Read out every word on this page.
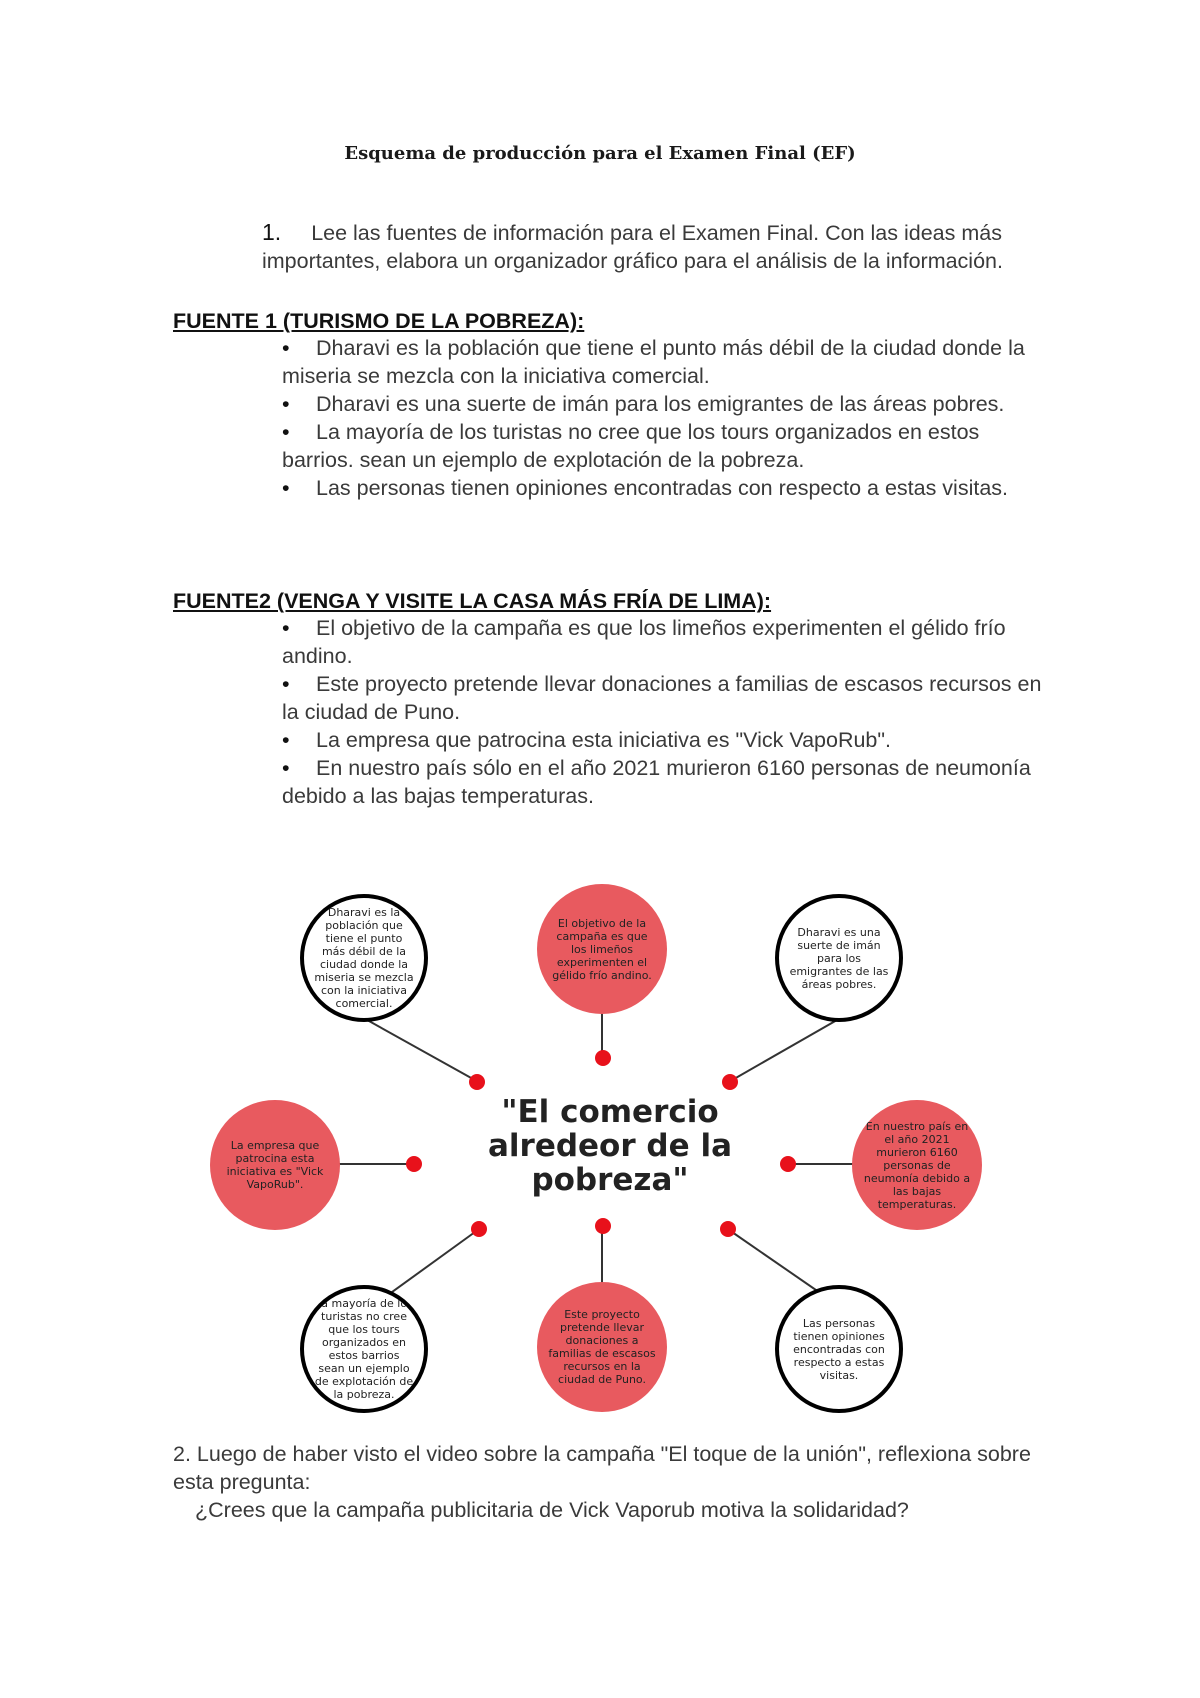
Esquema de producción para el Examen Final (EF)
1. Lee las fuentes de información para el Examen Final. Con las ideas más importantes, elabora un organizador gráfico para el análisis de la información.
FUENTE 1 (TURISMO DE LA POBREZA):
•	Dharavi es la población que tiene el punto más débil de la ciudad donde la miseria se mezcla con la iniciativa comercial.
•	Dharavi es una suerte de imán para los emigrantes de las áreas pobres.
•	La mayoría de los turistas no cree que los tours organizados en estos barrios. sean un ejemplo de explotación de la pobreza.
•	Las personas tienen opiniones encontradas con respecto a estas visitas.
FUENTE2 (VENGA Y VISITE LA CASA MÁS FRÍA DE LIMA):
•	El objetivo de la campaña es que los limeños experimenten el gélido frío andino.
•	Este proyecto pretende llevar donaciones a familias de escasos recursos en la ciudad de Puno.
•	La empresa que patrocina esta iniciativa es "Vick VapoRub".
•	En nuestro país sólo en el año 2021 murieron 6160 personas de neumonía debido a las bajas temperaturas.
El objetivo de la campaña es que los limeños experimenten el gélido frío andino.
Dharavi es la población que tiene el punto más débil de la ciudad donde la miseria se mezcla con la iniciativa comercial.
Dharavi es una suerte de imán para los emigrantes de las áreas pobres.
La empresa que patrocina esta iniciativa es "Vick VapoRub".
En nuestro país en el año 2021 murieron 6160 personas de neumonía debido a las bajas temperaturas.
La mayoría de los turistas no cree que los tours organizados en estos barrios sean un ejemplo de explotación de la pobreza.
Este proyecto pretende llevar donaciones a familias de escasos recursos en la ciudad de Puno.
Las personas tienen opiniones encontradas con respecto a estas visitas.
"El comercio alredeor de la pobreza"

2. Luego de haber visto el video sobre la campaña "El toque de la unión", reflexiona sobre esta pregunta:

¿Crees que la campaña publicitaria de Vick Vaporub motiva la solidaridad?
